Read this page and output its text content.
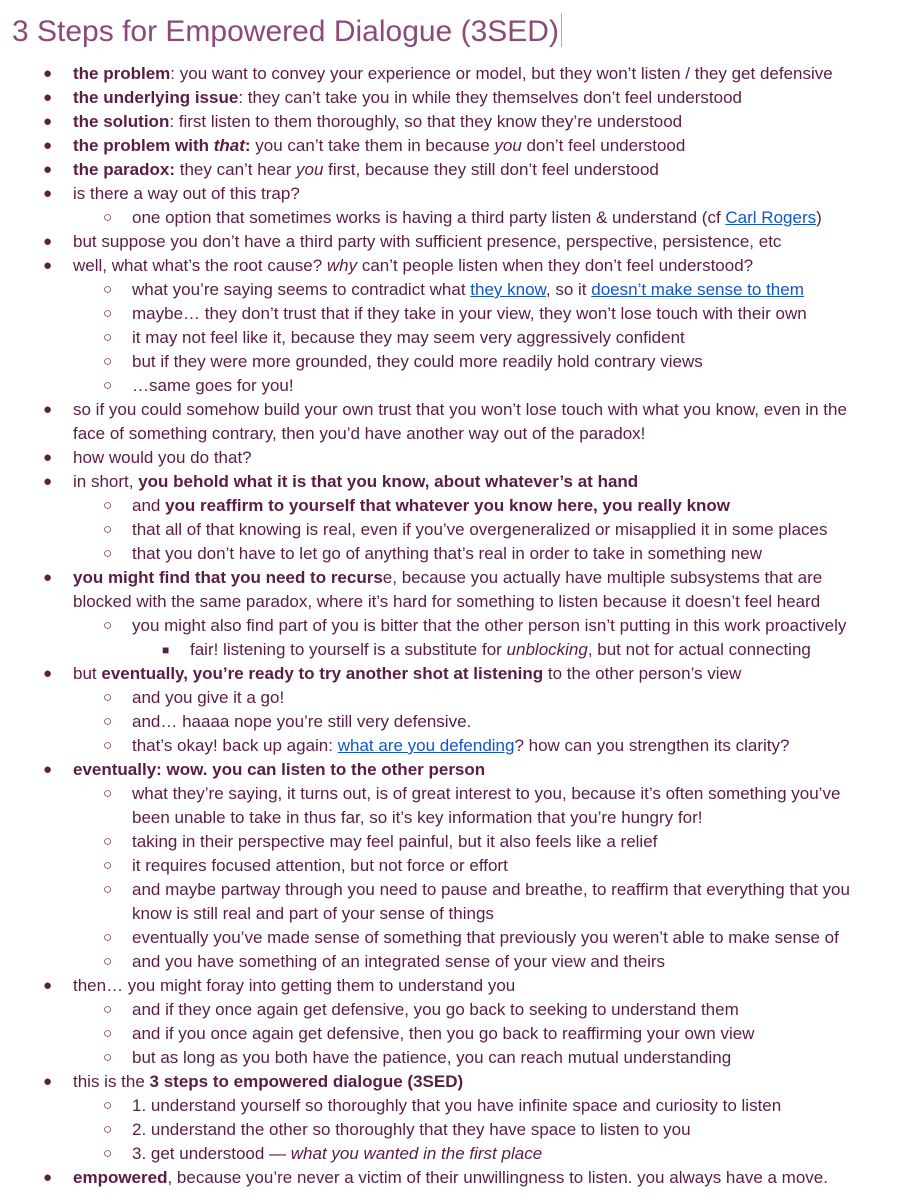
3 Steps for Empowered Dialogue (3SED)
● the problem: you want to convey your experience or model, but they won’t listen / they get defensive
● the underlying issue: they can’t take you in while they themselves don’t feel understood
● the solution: first listen to them thoroughly, so that they know they’re understood
● the problem with that: you can’t take them in because you don’t feel understood
● the paradox: they can’t hear you first, because they still don’t feel understood
● is there a way out of this trap?
○ one option that sometimes works is having a third party listen & understand (cf Carl Rogers)
● but suppose you don’t have a third party with sufficient presence, perspective, persistence, etc
● well, what what’s the root cause? why can’t people listen when they don’t feel understood?
○ what you’re saying seems to contradict what they know, so it doesn’t make sense to them
○ maybe… they don’t trust that if they take in your view, they won’t lose touch with their own
○ it may not feel like it, because they may seem very aggressively confident
○ but if they were more grounded, they could more readily hold contrary views
○ …same goes for you!
● so if you could somehow build your own trust that you won’t lose touch with what you know, even in the
face of something contrary, then you’d have another way out of the paradox!
● how would you do that?
● in short, you behold what it is that you know, about whatever’s at hand
○ and you reaffirm to yourself that whatever you know here, you really know
○ that all of that knowing is real, even if you’ve overgeneralized or misapplied it in some places
○ that you don’t have to let go of anything that’s real in order to take in something new
● you might find that you need to recurse, because you actually have multiple subsystems that are
blocked with the same paradox, where it’s hard for something to listen because it doesn’t feel heard
○ you might also find part of you is bitter that the other person isn’t putting in this work proactively
■ fair! listening to yourself is a substitute for unblocking, but not for actual connecting
● but eventually, you’re ready to try another shot at listening to the other person’s view
○ and you give it a go!
○ and… haaaa nope you’re still very defensive.
○ that’s okay! back up again: what are you defending? how can you strengthen its clarity?
● eventually: wow. you can listen to the other person
○ what they’re saying, it turns out, is of great interest to you, because it’s often something you’ve
been unable to take in thus far, so it’s key information that you’re hungry for!
○ taking in their perspective may feel painful, but it also feels like a relief
○ it requires focused attention, but not force or effort
○ and maybe partway through you need to pause and breathe, to reaffirm that everything that you
know is still real and part of your sense of things
○ eventually you’ve made sense of something that previously you weren’t able to make sense of
○ and you have something of an integrated sense of your view and theirs
● then… you might foray into getting them to understand you
○ and if they once again get defensive, you go back to seeking to understand them
○ and if you once again get defensive, then you go back to reaffirming your own view
○ but as long as you both have the patience, you can reach mutual understanding
● this is the 3 steps to empowered dialogue (3SED)
○ 1. understand yourself so thoroughly that you have infinite space and curiosity to listen
○ 2. understand the other so thoroughly that they have space to listen to you
○ 3. get understood — what you wanted in the first place
● empowered, because you’re never a victim of their unwillingness to listen. you always have a move.
